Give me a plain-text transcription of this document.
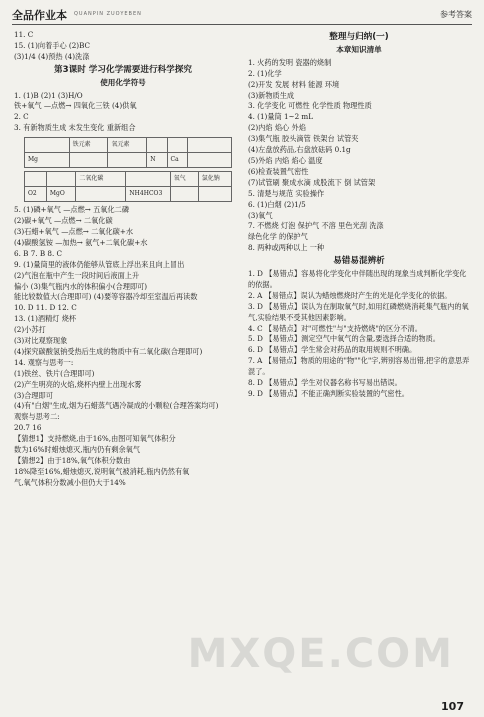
全品作业本 QUANPIN ZUOYEBEN	参考答案
11. C
15. (1)向着手心 (2)BC
(3)1/4 (4)预热 (4)洗涤
第3课时 学习化学需要进行科学探究
使用化学符号
1. (1)B (2)1 (3)H/O
铁+氧气 —点燃→ 四氧化三铁 (4)供氧
2. C
3. 有新物质生成 未发生变化 重新组合
	铁元素	氧元素			
Mg			N	Ca	
		二氧化碳		氧气	氯化钠
O2	MgO		NH4HCO3		
5. (1)磷+氧气 —点燃→ 五氧化二磷
(2)碳+氧气 —点燃→ 二氧化碳
(3)石蜡+氧气 —点燃→ 二氧化碳+水
(4)碳酸氢铵 —加热→ 氨气+二氧化碳+水
6. B 7. B 8. C
9. (1)量筒里的液体仍能够从管底上浮出来且向上冒出
(2)气泡在瓶中产生一段时间后液面上升
偏小 (3)集气瓶内水的体积偏小(合理即可)
能比较数值大(合理即可) (4)要等容器冷却至室温后再读数
10. D 11. D 12. C
13. (1)酒精灯 烧杯
(2)小苏打
(3)对比观察现象
(4)探究碳酸氢钠受热后生成的物质中有二氧化碳(合理即可)
14. 观察与思考一:
(1)铁丝、铁片(合理即可)
(2)产生明亮的火焰,烧杯内壁上出现水雾
(3)合理即可
(4)有"白烟"生成,烟为石蜡蒸气遇冷凝成的小颗粒(合理答案均可)
观察与思考二:
20.7 16
【猜想1】支持燃烧,由于16%,由图可知氧气体积分
数为16%时蜡烛熄灭,瓶内仍有剩余氧气
【猜想2】由于18%,氧气体积分数由
18%降至16%,蜡烛熄灭,说明氧气被消耗,瓶内仍然有氧
气,氧气体积分数减小但仍大于14%
整理与归纳(一)
本章知识清单
1. 火药的发明 瓷器的烧制
2. (1)化学
(2)开发 发展 材料 能源 环境
(3)新物质生成
3. 化学变化 可燃性 化学性质 物理性质
4. (1)量筒 1~2 mL
(2)内焰 焰心 外焰
(3)集气瓶 胶头滴管 铁架台 试管夹
(4)左盘放药品,右盘放砝码 0.1g
(5)外焰 内焰 焰心 温度
(6)检查装置气密性
(7)试管刷 聚成水滴 成股流下 倒 试管架
5. 清楚与规范 实验操作
6. (1)白烟 (2)1/5
(3)氧气
7. 不燃烧 灯泡 保护气 不溶 里色光刮 洗涤
绿色化学 的保护气
8. 两种或两种以上 一种
易错易混辨析
1. D 【易错点】容易将化学变化中伴随出现的现象当成判断化学变化的依据。
2. A 【易错点】误认为蜡烛燃烧时产生的光是化学变化的依据。
3. D 【易错点】误认为在制取氧气时,如用红磷燃烧消耗集气瓶内的氧气,实验结果不受其他因素影响。
4. C 【易错点】对"可燃性"与"支持燃烧"的区分不清。
5. D 【易错点】测定空气中氧气的含量,要选择合适的物质。
6. D 【易错点】学生常会对药品的取用规则不明确。
7. A 【易错点】物质的用途的"物""化"字,辨别容易出错,把字的意思弄混了。
8. D 【易错点】学生对仪器名称书写易出错误。
9. D 【易错点】不能正确判断实验装置的气密性。
MXQE.COM
107
